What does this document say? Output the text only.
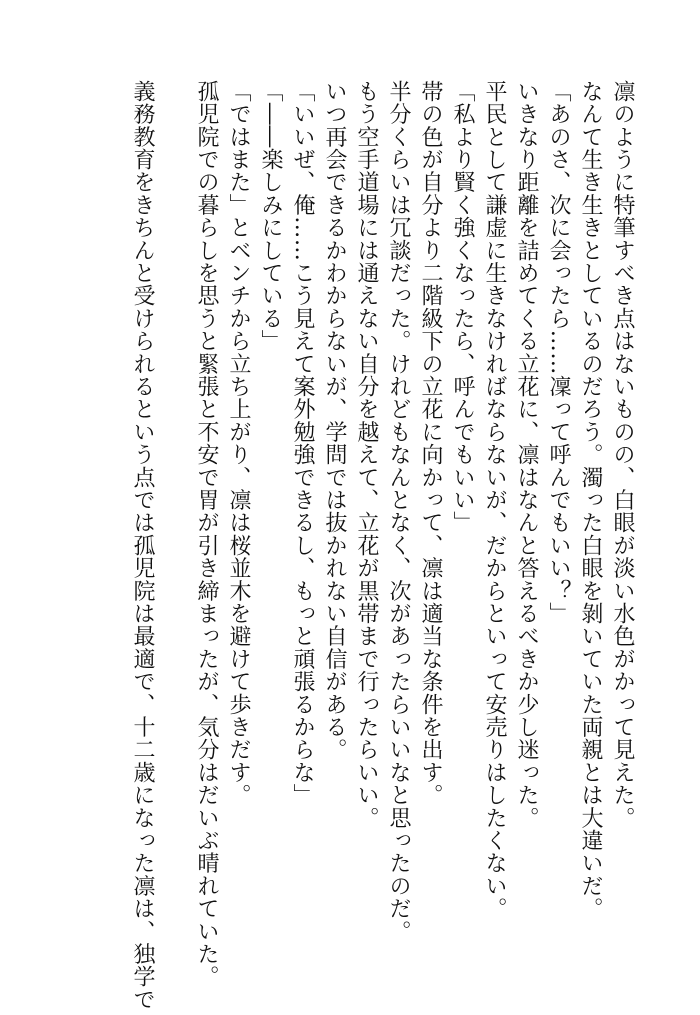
凛のように特筆すべき点はないものの、白眼が淡い水色がかって見えた。
なんて生き生きとしているのだろう。濁った白眼を剝いていた両親とは大違いだ。
「あのさ、次に会ったら……凜って呼んでもいい？」
いきなり距離を詰めてくる立花に、凛はなんと答えるべきか少し迷った。
平民として謙虚に生きなければならないが、だからといって安売りはしたくない。
「私より賢く強くなったら、呼んでもいい」
帯の色が自分より二階級下の立花に向かって、凛は適当な条件を出す。
半分くらいは冗談だった。けれどもなんとなく、次があったらいいなと思ったのだ。
もう空手道場には通えない自分を越えて、立花が黒帯まで行ったらいい。
いつ再会できるかわからないが、学問では抜かれない自信がある。
「いいぜ、俺……こう見えて案外勉強できるし、もっと頑張るからな」
「――楽しみにしている」
「ではまた」とベンチから立ち上がり、凛は桜並木を避けて歩きだす。
孤児院での暮らしを思うと緊張と不安で胃が引き締まったが、気分はだいぶ晴れていた。

義務教育をきちんと受けられるという点では孤児院は最適で、十二歳になった凛は、独学で
